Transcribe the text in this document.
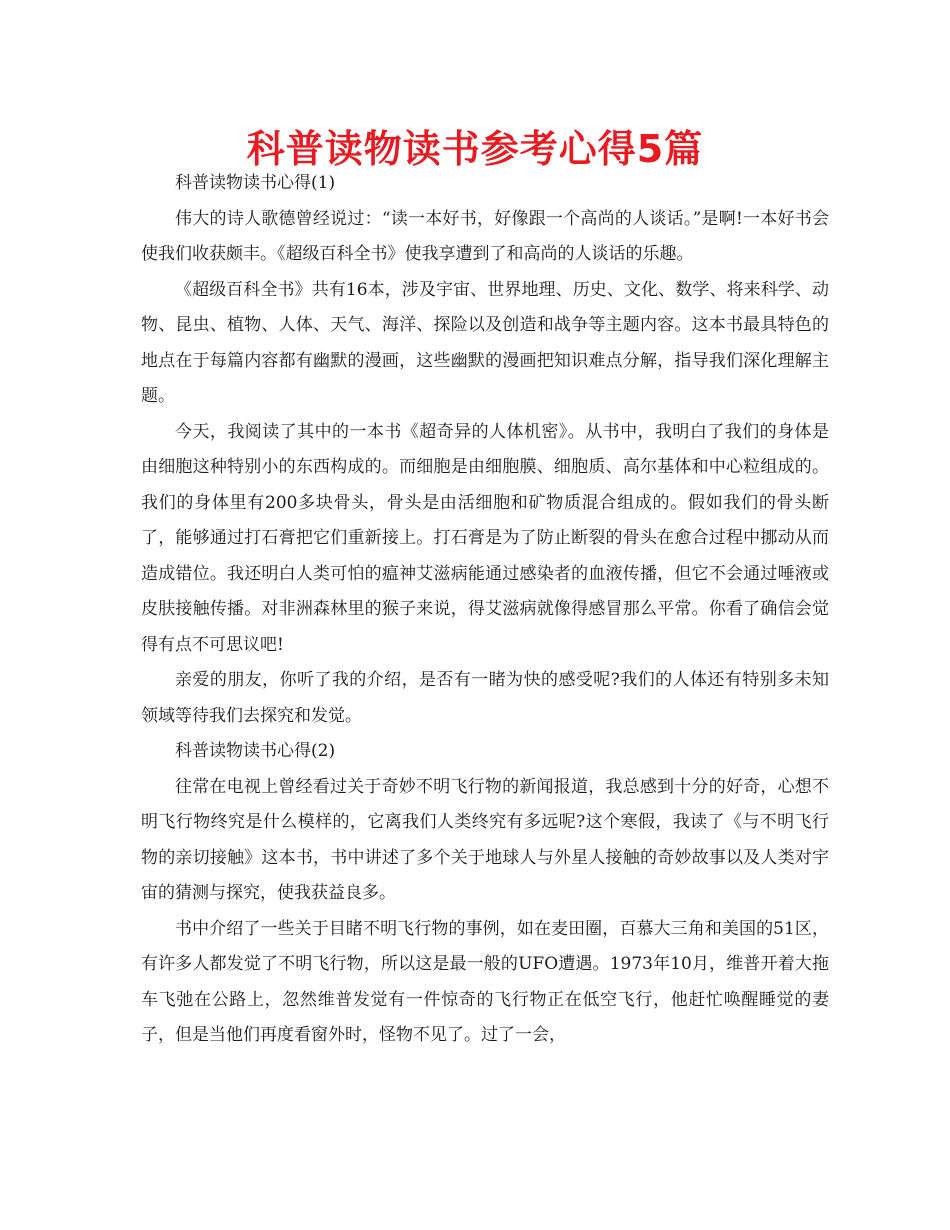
科普读物读书参考心得5篇

科普读物读书心得(1)

伟大的诗人歌德曾经说过：“读一本好书，好像跟一个高尚的人谈话。”是啊!一本好书会使我们收获颇丰。《超级百科全书》使我享遭到了和高尚的人谈话的乐趣。

《超级百科全书》共有16本，涉及宇宙、世界地理、历史、文化、数学、将来科学、动物、昆虫、植物、人体、天气、海洋、探险以及创造和战争等主题内容。这本书最具特色的地点在于每篇内容都有幽默的漫画，这些幽默的漫画把知识难点分解，指导我们深化理解主题。

今天，我阅读了其中的一本书《超奇异的人体机密》。从书中，我明白了我们的身体是由细胞这种特别小的东西构成的。而细胞是由细胞膜、细胞质、高尔基体和中心粒组成的。我们的身体里有200多块骨头，骨头是由活细胞和矿物质混合组成的。假如我们的骨头断了，能够通过打石膏把它们重新接上。打石膏是为了防止断裂的骨头在愈合过程中挪动从而造成错位。我还明白人类可怕的瘟神艾滋病能通过感染者的血液传播，但它不会通过唾液或皮肤接触传播。对非洲森林里的猴子来说，得艾滋病就像得感冒那么平常。你看了确信会觉得有点不可思议吧!

亲爱的朋友，你听了我的介绍，是否有一睹为快的感受呢?我们的人体还有特别多未知领域等待我们去探究和发觉。

科普读物读书心得(2)

往常在电视上曾经看过关于奇妙不明飞行物的新闻报道，我总感到十分的好奇，心想不明飞行物终究是什么模样的，它离我们人类终究有多远呢?这个寒假，我读了《与不明飞行物的亲切接触》这本书，书中讲述了多个关于地球人与外星人接触的奇妙故事以及人类对宇宙的猜测与探究，使我获益良多。

书中介绍了一些关于目睹不明飞行物的事例，如在麦田圈，百慕大三角和美国的51区，有许多人都发觉了不明飞行物，所以这是最一般的UFO遭遇。1973年10月，维普开着大拖车飞弛在公路上，忽然维普发觉有一件惊奇的飞行物正在低空飞行，他赶忙唤醒睡觉的妻子，但是当他们再度看窗外时，怪物不见了。过了一会，
